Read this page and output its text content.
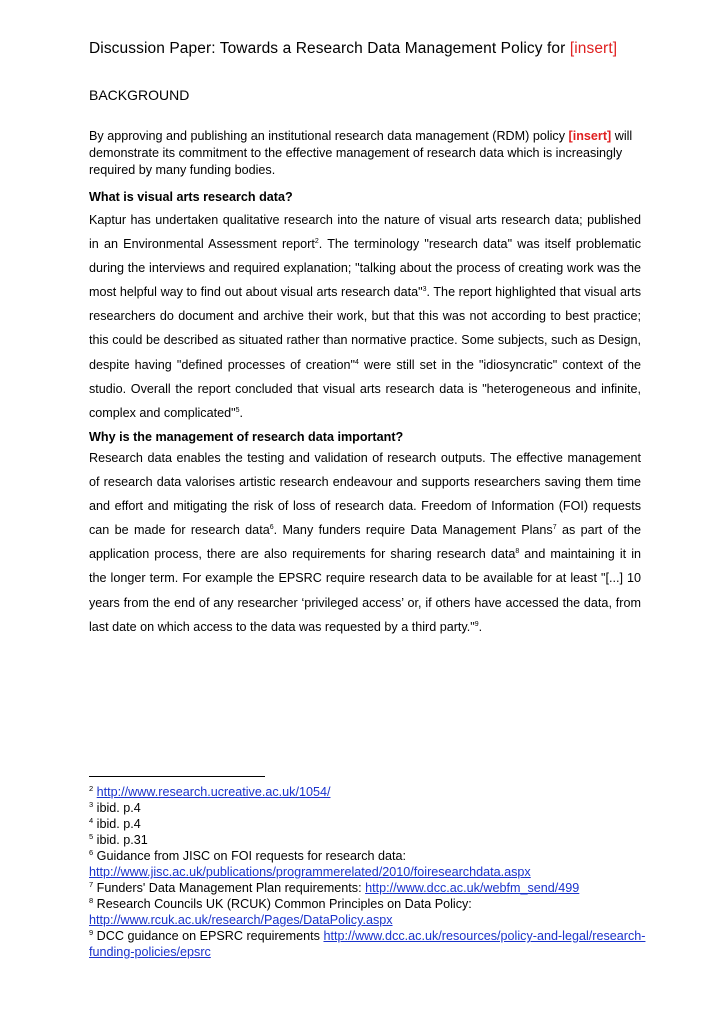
Discussion Paper: Towards a Research Data Management Policy for [insert]
BACKGROUND
By approving and publishing an institutional research data management (RDM) policy [insert] will demonstrate its commitment to the effective management of research data which is increasingly required by many funding bodies.
What is visual arts research data?
Kaptur has undertaken qualitative research into the nature of visual arts research data; published in an Environmental Assessment report$^2$. The terminology "research data" was itself problematic during the interviews and required explanation; "talking about the process of creating work was the most helpful way to find out about visual arts research data"$^3$. The report highlighted that visual arts researchers do document and archive their work, but that this was not according to best practice; this could be described as situated rather than normative practice. Some subjects, such as Design, despite having "defined processes of creation"$^4$ were still set in the "idiosyncratic" context of the studio. Overall the report concluded that visual arts research data is "heterogeneous and infinite, complex and complicated"$^5$.
Why is the management of research data important?
Research data enables the testing and validation of research outputs. The effective management of research data valorises artistic research endeavour and supports researchers saving them time and effort and mitigating the risk of loss of research data. Freedom of Information (FOI) requests can be made for research data$^6$. Many funders require Data Management Plans$^7$ as part of the application process, there are also requirements for sharing research data$^8$ and maintaining it in the longer term. For example the EPSRC require research data to be available for at least "[...] 10 years from the end of any researcher ‘privileged access’ or, if others have accessed the data, from last date on which access to the data was requested by a third party."$^9$.
$^2$ http://www.research.ucreative.ac.uk/1054/
$^3$ ibid. p.4
$^4$ ibid. p.4
$^5$ ibid. p.31
$^6$ Guidance from JISC on FOI requests for research data:
http://www.jisc.ac.uk/publications/programmerelated/2010/foiresearchdata.aspx
$^7$ Funders' Data Management Plan requirements: http://www.dcc.ac.uk/webfm_send/499
$^8$ Research Councils UK (RCUK) Common Principles on Data Policy:
http://www.rcuk.ac.uk/research/Pages/DataPolicy.aspx
$^9$ DCC guidance on EPSRC requirements http://www.dcc.ac.uk/resources/policy-and-legal/research-funding-policies/epsrc
